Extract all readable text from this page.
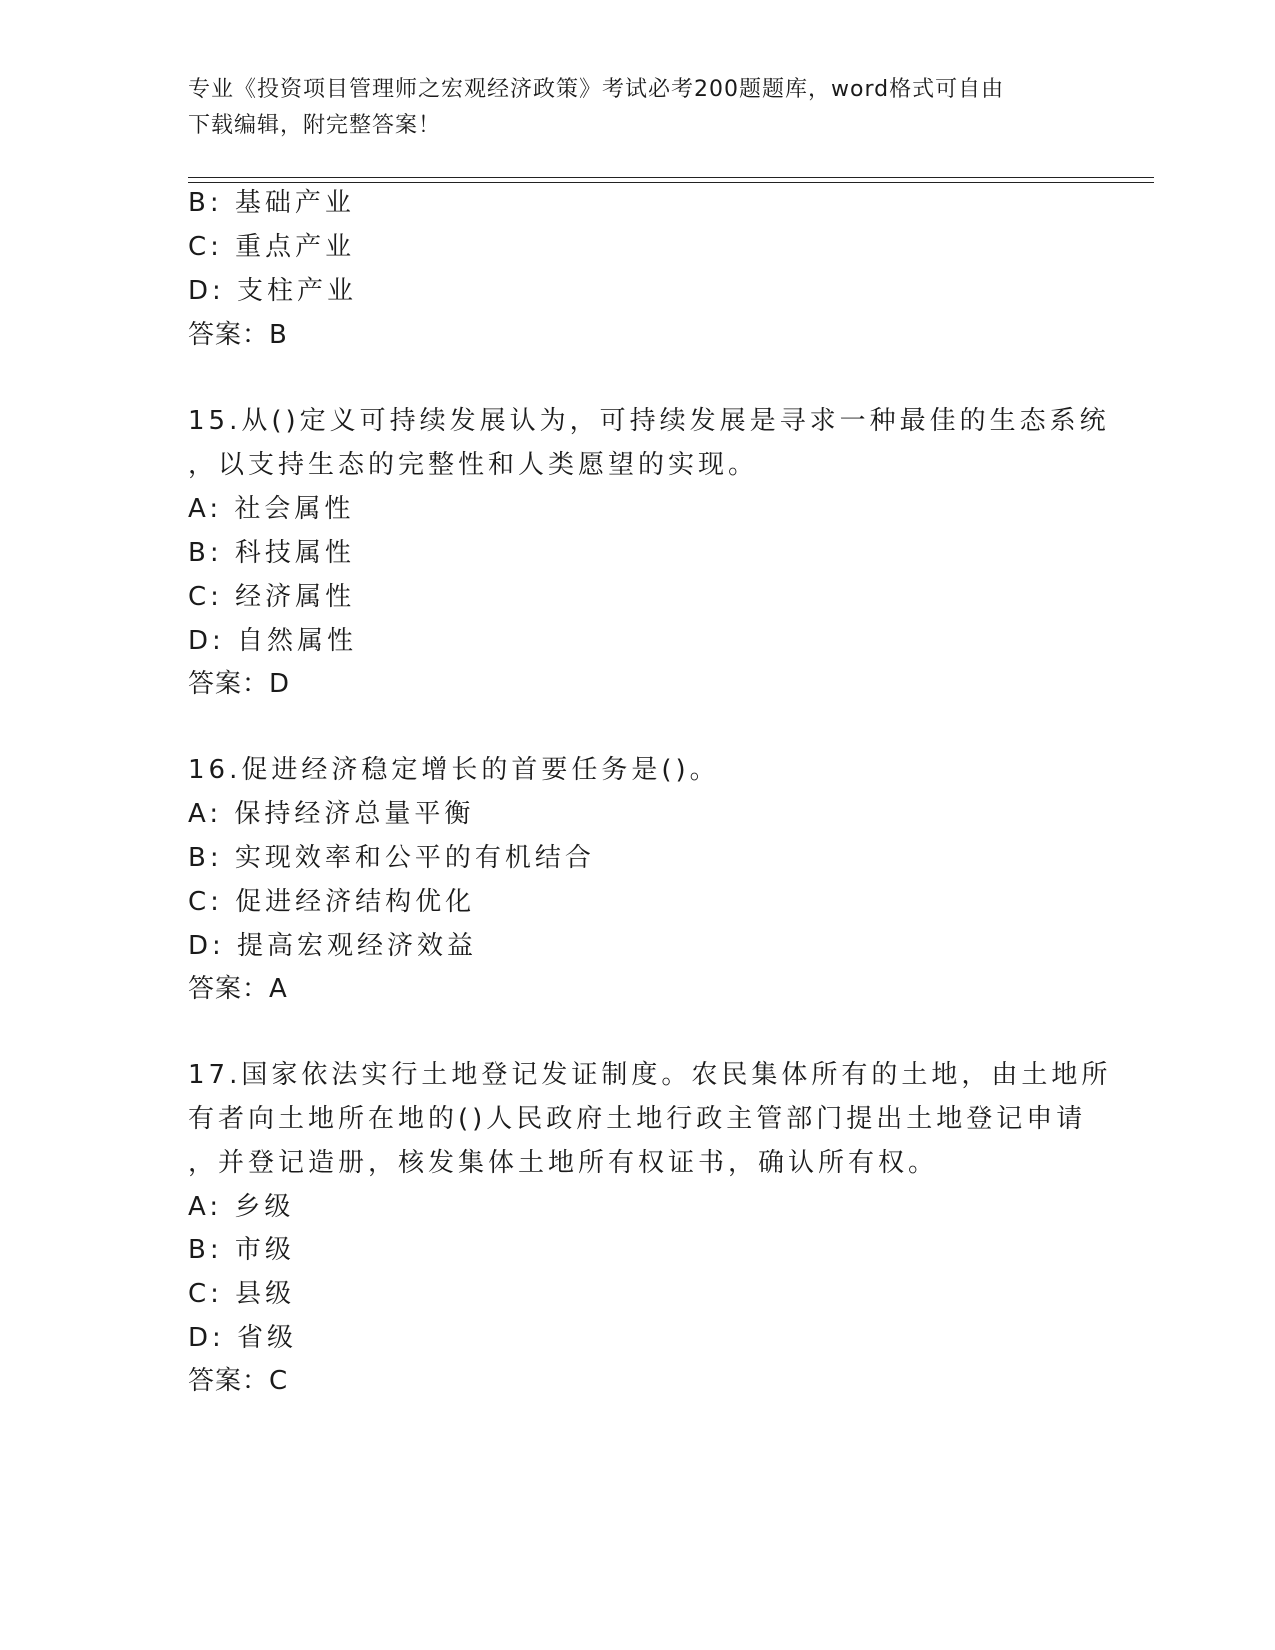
专业《投资项目管理师之宏观经济政策》考试必考200题题库，word格式可自由
下载编辑，附完整答案！
B: 基础产业
C: 重点产业
D: 支柱产业
答案：B
15.从()定义可持续发展认为，可持续发展是寻求一种最佳的生态系统
，以支持生态的完整性和人类愿望的实现。
A: 社会属性
B: 科技属性
C: 经济属性
D: 自然属性
答案：D
16.促进经济稳定增长的首要任务是()。
A: 保持经济总量平衡
B: 实现效率和公平的有机结合
C: 促进经济结构优化
D: 提高宏观经济效益
答案：A
17.国家依法实行土地登记发证制度。农民集体所有的土地，由土地所
有者向土地所在地的()人民政府土地行政主管部门提出土地登记申请
，并登记造册，核发集体土地所有权证书，确认所有权。
A: 乡级
B: 市级
C: 县级
D: 省级
答案：C
